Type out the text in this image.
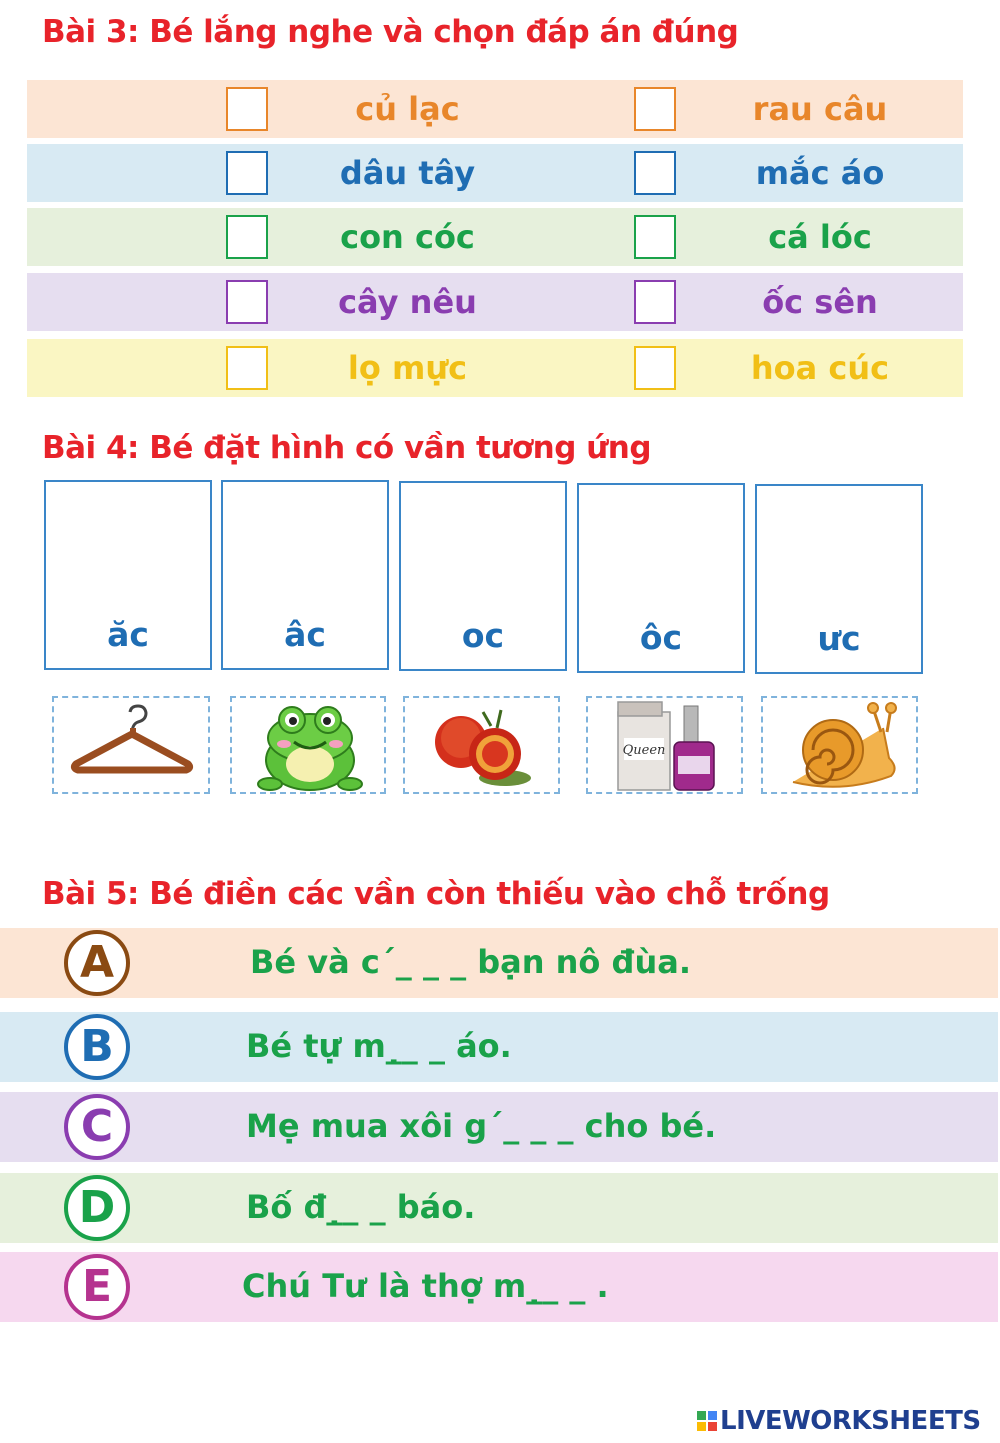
Bài 3: Bé lắng nghe và chọn đáp án đúng
củ lạc	rau câu
dâu tây	mắc áo
con cóc	cá lóc
cây nêu	ốc sên
lọ mực	hoa cúc
Bài 4: Bé đặt hình có vần tương ứng
ăc	âc	oc	ôc	ưc
Queen
Bài 5: Bé điền các vần còn thiếu vào chỗ trống
A	Bé và c´_ _ _ bạn nô đùa.
B	Bé tự m_̣_ _ áo.
C	Mẹ mua xôi g´_ _ _ cho bé.
D	Bố đ_̣_ _ báo.
E	Chú Tư là thợ m_̣_ _ .
LIVEWORKSHEETS
